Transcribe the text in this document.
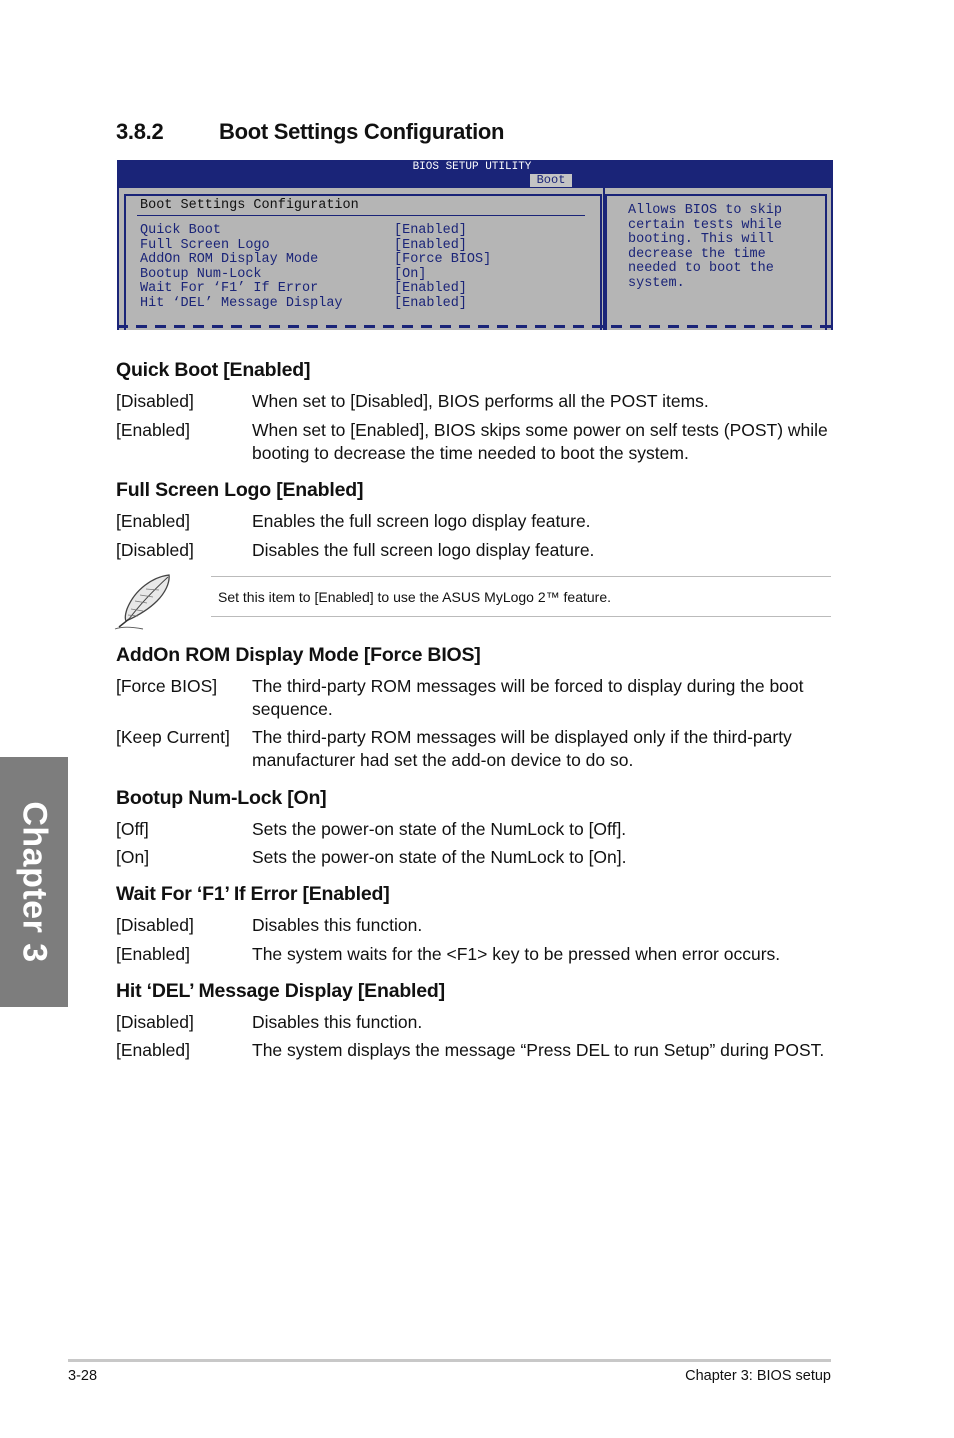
Chapter 3
3.8.2	Boot Settings Configuration
BIOS SETUP UTILITY
Boot
Boot Settings Configuration
Quick Boot	[Enabled]
Full Screen Logo	[Enabled]
AddOn ROM Display Mode	[Force BIOS]
Bootup Num-Lock	[On]
Wait For ‘F1’ If Error	[Enabled]
Hit ‘DEL’ Message Display	[Enabled]
Allows BIOS to skip
certain tests while
booting. This will
decrease the time
needed to boot the
system.
Quick Boot [Enabled]
[Disabled]	When set to [Disabled], BIOS performs all the POST items.
[Enabled]	When set to [Enabled], BIOS skips some power on self tests (POST) while booting to decrease the time needed to boot the system.
Full Screen Logo [Enabled]
[Enabled]	Enables the full screen logo display feature.
[Disabled]	Disables the full screen logo display feature.
Set this item to [Enabled] to use the ASUS MyLogo 2™ feature.
AddOn ROM Display Mode [Force BIOS]
[Force BIOS] The third-party ROM messages will be forced to display during the boot sequence.
[Keep Current] The third-party ROM messages will be displayed only if the third-party manufacturer had set the add-on device to do so.
Bootup Num-Lock [On]
[Off]	Sets the power-on state of the NumLock to [Off].
[On]	Sets the power-on state of the NumLock to [On].
Wait For ‘F1’ If Error [Enabled]
[Disabled]	Disables this function.
[Enabled]	The system waits for the <F1> key to be pressed when error occurs.
Hit ‘DEL’ Message Display [Enabled]
[Disabled]	Disables this function.
[Enabled]	The system displays the message “Press DEL to run Setup” during POST.
3-28	Chapter 3: BIOS setup
